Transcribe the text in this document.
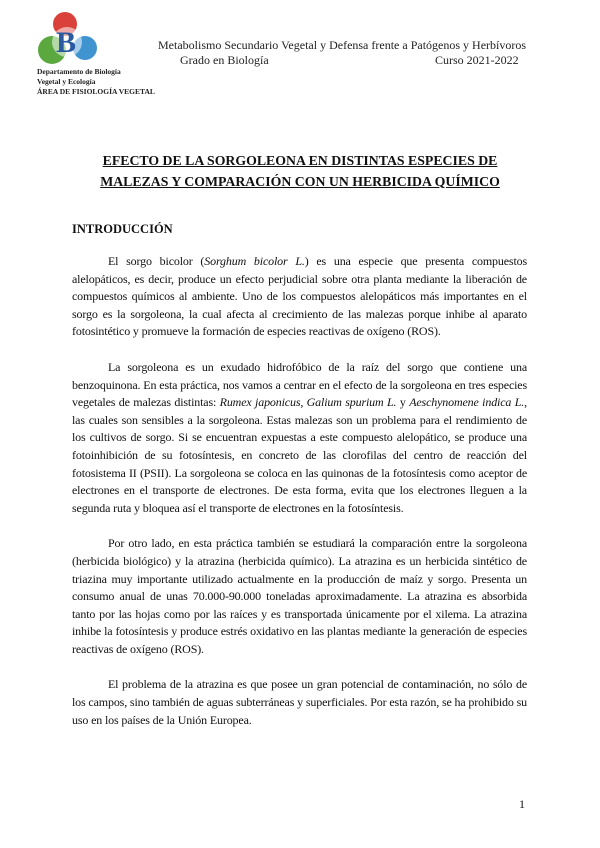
B
Departamento de Biología
Vegetal y Ecología
ÁREA DE FISIOLOGÍA VEGETAL
Metabolismo Secundario Vegetal y Defensa frente a Patógenos y Herbívoros
Grado en Biología	Curso 2021-2022
EFECTO DE LA SORGOLEONA EN DISTINTAS ESPECIES DE
MALEZAS Y COMPARACIÓN CON UN HERBICIDA QUÍMICO
INTRODUCCIÓN

El sorgo bicolor (Sorghum bicolor L.) es una especie que presenta compuestos alelopáticos, es decir, produce un efecto perjudicial sobre otra planta mediante la liberación de compuestos químicos al ambiente. Uno de los compuestos alelopáticos más importantes en el sorgo es la sorgoleona, la cual afecta al crecimiento de las malezas porque inhibe al aparato fotosintético y promueve la formación de especies reactivas de oxígeno (ROS).

La sorgoleona es un exudado hidrofóbico de la raíz del sorgo que contiene una benzoquinona. En esta práctica, nos vamos a centrar en el efecto de la sorgoleona en tres especies vegetales de malezas distintas: Rumex japonicus, Galium spurium L. y Aeschynomene indica L., las cuales son sensibles a la sorgoleona. Estas malezas son un problema para el rendimiento de los cultivos de sorgo. Si se encuentran expuestas a este compuesto alelopático, se produce una fotoinhibición de su fotosíntesis, en concreto de las clorofilas del centro de reacción del fotosistema II (PSII). La sorgoleona se coloca en las quinonas de la fotosíntesis como aceptor de electrones en el transporte de electrones. De esta forma, evita que los electrones lleguen a la segunda ruta y bloquea así el transporte de electrones en la fotosíntesis.

Por otro lado, en esta práctica también se estudiará la comparación entre la sorgoleona (herbicida biológico) y la atrazina (herbicida químico). La atrazina es un herbicida sintético de triazina muy importante utilizado actualmente en la producción de maíz y sorgo. Presenta un consumo anual de unas 70.000-90.000 toneladas aproximadamente. La atrazina es absorbida tanto por las hojas como por las raíces y es transportada únicamente por el xilema. La atrazina inhibe la fotosíntesis y produce estrés oxidativo en las plantas mediante la generación de especies reactivas de oxígeno (ROS).

El problema de la atrazina es que posee un gran potencial de contaminación, no sólo de los campos, sino también de aguas subterráneas y superficiales. Por esta razón, se ha prohibido su uso en los países de la Unión Europea.

1
